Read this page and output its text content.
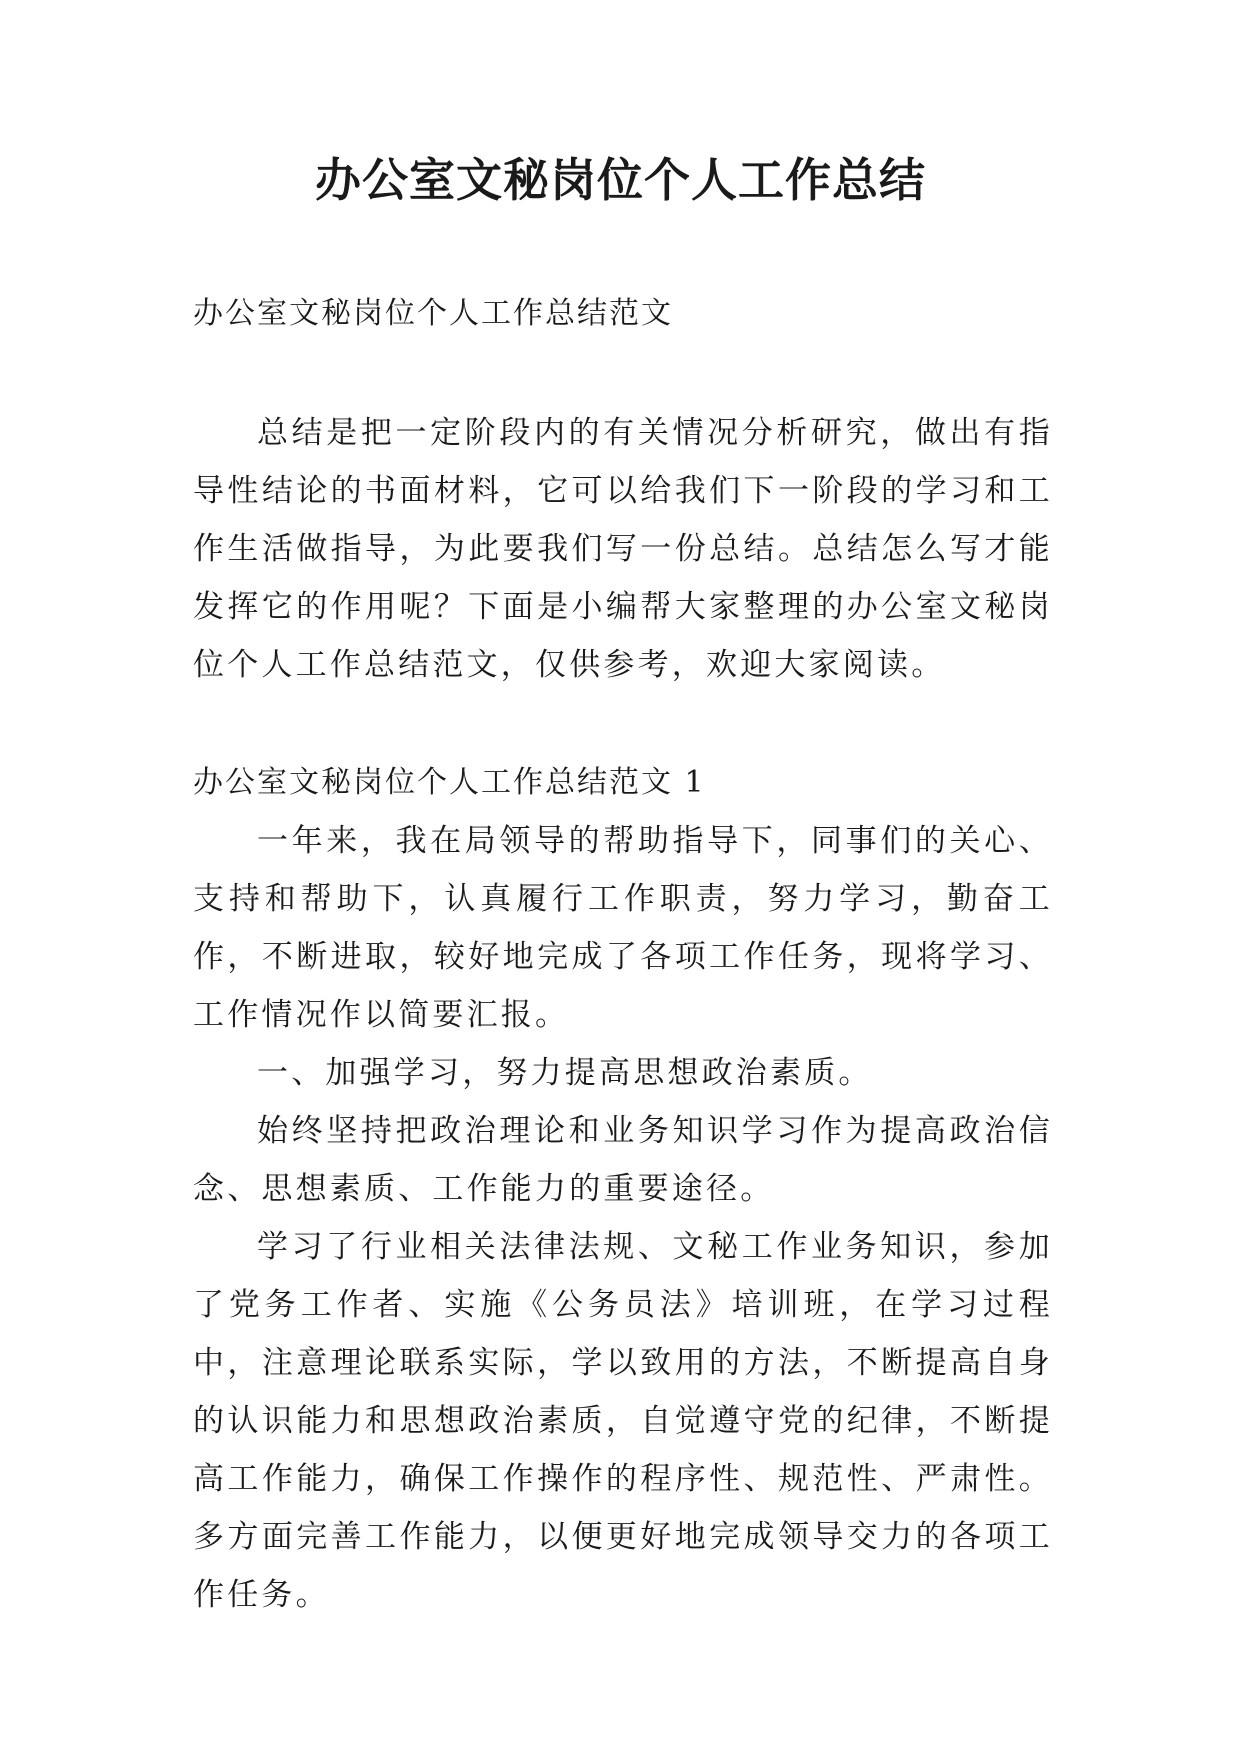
办公室文秘岗位个人工作总结

办公室文秘岗位个人工作总结范文

总结是把一定阶段内的有关情况分析研究，做出有指导性结论的书面材料，它可以给我们下一阶段的学习和工作生活做指导，为此要我们写一份总结。总结怎么写才能发挥它的作用呢？下面是小编帮大家整理的办公室文秘岗位个人工作总结范文，仅供参考，欢迎大家阅读。

办公室文秘岗位个人工作总结范文 1

一年来，我在局领导的帮助指导下，同事们的关心、支持和帮助下，认真履行工作职责，努力学习，勤奋工作，不断进取，较好地完成了各项工作任务，现将学习、工作情况作以简要汇报。

一、加强学习，努力提高思想政治素质。

始终坚持把政治理论和业务知识学习作为提高政治信念、思想素质、工作能力的重要途径。

学习了行业相关法律法规、文秘工作业务知识，参加了党务工作者、实施《公务员法》培训班，在学习过程中，注意理论联系实际，学以致用的方法，不断提高自身的认识能力和思想政治素质，自觉遵守党的纪律，不断提高工作能力，确保工作操作的程序性、规范性、严肃性。多方面完善工作能力，以便更好地完成领导交力的各项工作任务。
